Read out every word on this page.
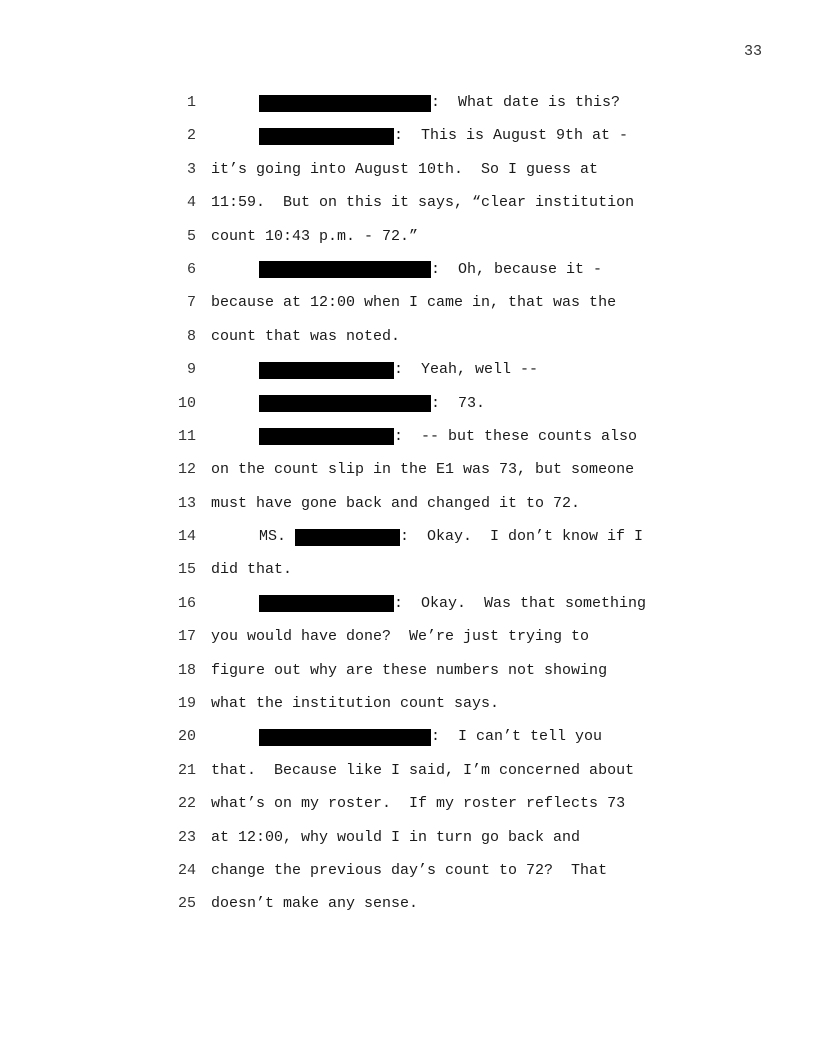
33
1	:  What date is this?
2	:  This is August 9th at -
3 it’s going into August 10th.  So I guess at
4 11:59.  But on this it says, “clear institution
5 count 10:43 p.m. - 72.”
6	:  Oh, because it -
7 because at 12:00 when I came in, that was the
8 count that was noted.
9	:  Yeah, well --
10	:  73.
11	:  -- but these counts also
12 on the count slip in the E1 was 73, but someone
13 must have gone back and changed it to 72.
14	MS.	:  Okay.  I don’t know if I
15 did that.
16	:  Okay.  Was that something
17 you would have done?  We’re just trying to
18 figure out why are these numbers not showing
19 what the institution count says.
20	:  I can’t tell you
21 that.  Because like I said, I’m concerned about
22 what’s on my roster.  If my roster reflects 73
23 at 12:00, why would I in turn go back and
24 change the previous day’s count to 72?  That
25 doesn’t make any sense.
